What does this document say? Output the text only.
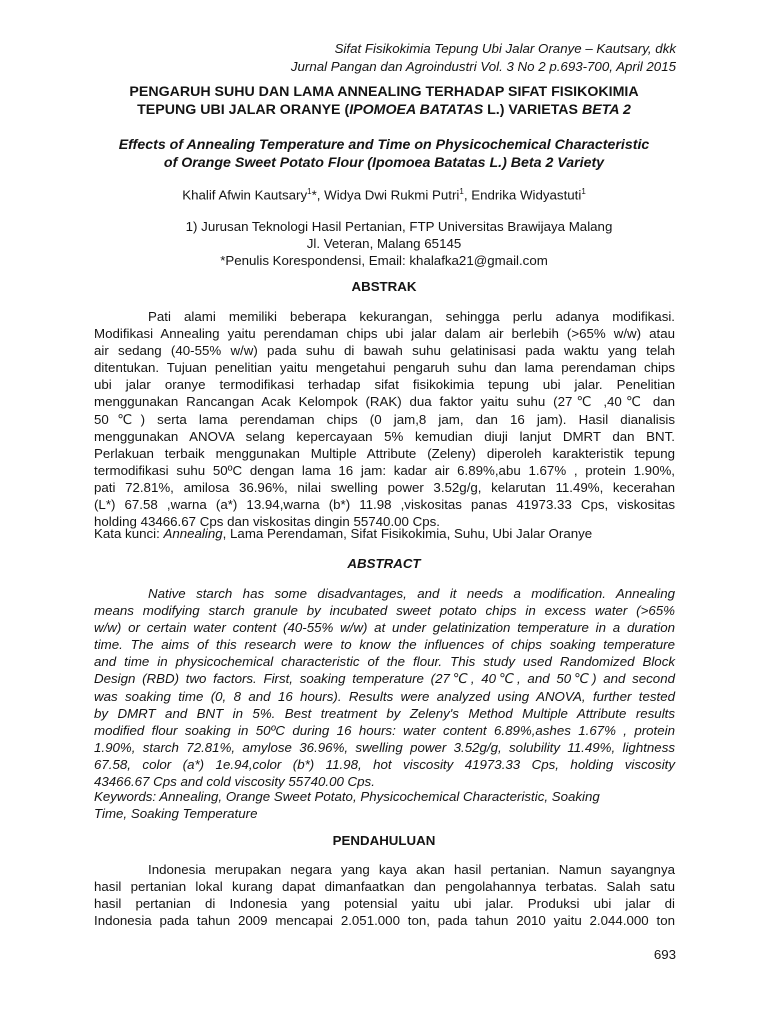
Sifat Fisikokimia Tepung Ubi Jalar Oranye – Kautsary, dkk
Jurnal Pangan dan Agroindustri Vol. 3 No 2 p.693-700, April 2015
PENGARUH SUHU DAN LAMA ANNEALING TERHADAP SIFAT FISIKOKIMIA
TEPUNG UBI JALAR ORANYE (IPOMOEA BATATAS L.) VARIETAS BETA 2
Effects of Annealing Temperature and Time on Physicochemical Characteristic
of Orange Sweet Potato Flour (Ipomoea Batatas L.) Beta 2 Variety
Khalif Afwin Kautsary$^1$*, Widya Dwi Rukmi Putri$^1$, Endrika Widyastuti$^1$
1) Jurusan Teknologi Hasil Pertanian, FTP Universitas Brawijaya Malang
Jl. Veteran, Malang 65145
*Penulis Korespondensi, Email: khalafka21@gmail.com
ABSTRAK
Pati alami memiliki beberapa kekurangan, sehingga perlu adanya modifikasi.
Modifikasi Annealing yaitu perendaman chips ubi jalar dalam air berlebih (>65% w/w) atau
air sedang (40-55% w/w) pada suhu di bawah suhu gelatinisasi pada waktu yang telah
ditentukan. Tujuan penelitian yaitu mengetahui pengaruh suhu dan lama perendaman chips
ubi jalar oranye termodifikasi terhadap sifat fisikokimia tepung ubi jalar. Penelitian
menggunakan Rancangan Acak Kelompok (RAK) dua faktor yaitu suhu (27℃ ,40℃ dan
50℃) serta lama perendaman chips (0 jam,8 jam, dan 16 jam). Hasil dianalisis
menggunakan ANOVA selang kepercayaan 5% kemudian diuji lanjut DMRT dan BNT.
Perlakuan terbaik menggunakan Multiple Attribute (Zeleny) diperoleh karakteristik tepung
termodifikasi suhu 50ºC dengan lama 16 jam: kadar air 6.89%,abu 1.67% , protein 1.90%,
pati 72.81%, amilosa 36.96%, nilai swelling power 3.52g/g, kelarutan 11.49%, kecerahan
(L*) 67.58 ,warna (a*) 13.94,warna (b*) 11.98 ,viskositas panas 41973.33 Cps, viskositas
holding 43466.67 Cps dan viskositas dingin 55740.00 Cps.
Kata kunci: Annealing, Lama Perendaman, Sifat Fisikokimia, Suhu, Ubi Jalar Oranye
ABSTRACT
Native starch has some disadvantages, and it needs a modification. Annealing
means modifying starch granule by incubated sweet potato chips in excess water (>65%
w/w) or certain water content (40-55% w/w) at under gelatinization temperature in a duration
time. The aims of this research were to know the influences of chips soaking temperature
and time in physicochemical characteristic of the flour. This study used Randomized Block
Design (RBD) two factors. First, soaking temperature (27℃, 40℃, and 50℃) and second
was soaking time (0, 8 and 16 hours). Results were analyzed using ANOVA, further tested
by DMRT and BNT in 5%. Best treatment by Zeleny's Method Multiple Attribute results
modified flour soaking in 50ºC during 16 hours: water content 6.89%,ashes 1.67% , protein
1.90%, starch 72.81%, amylose 36.96%, swelling power 3.52g/g, solubility 11.49%, lightness
67.58, color (a*) 1e.94,color (b*) 11.98, hot viscosity 41973.33 Cps, holding viscosity
43466.67 Cps and cold viscosity 55740.00 Cps.
Keywords: Annealing, Orange Sweet Potato, Physicochemical Characteristic, Soaking
Time, Soaking Temperature
PENDAHULUAN
Indonesia merupakan negara yang kaya akan hasil pertanian. Namun sayangnya
hasil pertanian lokal kurang dapat dimanfaatkan dan pengolahannya terbatas. Salah satu
hasil pertanian di Indonesia yang potensial yaitu ubi jalar. Produksi ubi jalar di
Indonesia pada tahun 2009 mencapai 2.051.000 ton, pada tahun 2010 yaitu 2.044.000 ton
693
